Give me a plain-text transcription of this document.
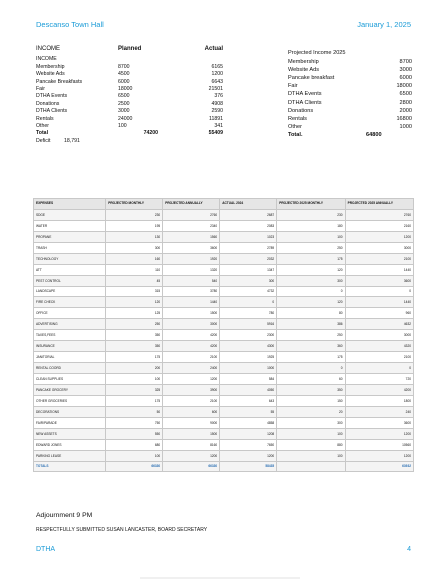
Descanso Town Hall	January 1, 2025
INCOME	Planned	Actual
INCOME
Membership	8700	6165
Website Ads	4500	1200
Pancake Breakfasts	6000	6643
Fair	18000	21501
DTHA Events	6500	376
Donations	2500	4908
DTHA Clients	3000	2590
Rentals	24000	11891
Other	100	341
Total	74200	55409
Deficit	18,791
Projected Income 2025
Membership	8700
Website Ads	3000
Pancake breakfast	6000
Fair	18000
DTHA Events	6500
DTHA Clients	2800
Donations	2000
Rentals	16800
Other	1000
Total.	64800
EXPENSES	PROJECTED MONTHLY	PROJECTED ANNUALLY	ACTUAL 2024	PROJECTED 2025 MONTHLY	PROJECTED 2025 ANNUALLY
SDGE	230	2760	2687	230	2760
WATER	195	2340	2083	180	2160
PROPANE	130	1560	1023	100	1200
TRASH	300	3600	2789	250	3000
TECHNOLOGY	160	1920	2032	175	2100
ATT	110	1320	1347	120	1440
PEST CONTROL	45	540	300	300	3600
LANDSCAPE	315	3780	4732	0	0
FIRE CHECK	120	1440	0	120	1440
OFFICE	125	1500	780	80	960
ADVERTISING	250	3000	5916	386	4632
TAXES,FEES	350	4200	2300	250	3000
INSURANCE	350	4200	4300	360	4320
JANITORIAL	175	2100	1925	175	2100
RENTAL COORD	200	2400	1000	0	0
CLEAN SUPPLIES	100	1200	584	60	720
PANCAKE GROCERY	325	3900	4050	350	4200
OTHER GROCERIES	175	2100	643	150	1800
DECORATIONS	50	600	55	20	240
FAIR/PARADE	750	9000	4858	300	3600
NEW ASSETS	550	1500	1208	100	1200
EDWARD JONES	680	8160	7650	880	10560
PARKING LEASE	100	1200	1200	100	1200
TOTALS	66330	66330	58435		63932
Adjournment 9 PM
RESPECTFULLY SUBMITTED SUSAN LANCASTER, BOARD SECRETARY
DTHA	4
